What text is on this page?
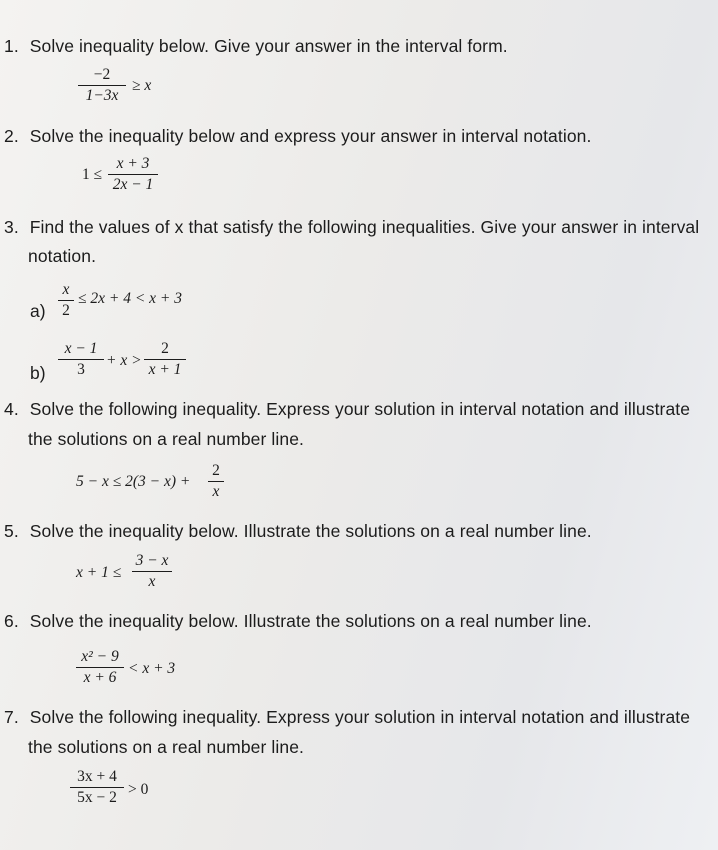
1. Solve inequality below. Give your answer in the interval form.
−2
1−3x
≥ x
2. Solve the inequality below and express your answer in interval notation.
1 ≤
x + 3
2x − 1
3. Find the values of x that satisfy the following inequalities. Give your answer in interval
notation.
a)
x
2
≤ 2x + 4 < x + 3
b)
x − 1
3
+ x >
2
x + 1
4. Solve the following inequality. Express your solution in interval notation and illustrate
the solutions on a real number line.
5 − x ≤ 2(3 − x) +
2
x
5. Solve the inequality below. Illustrate the solutions on a real number line.
x + 1 ≤
3 − x
x
6. Solve the inequality below. Illustrate the solutions on a real number line.
x² − 9
x + 6
< x + 3
7. Solve the following inequality. Express your solution in interval notation and illustrate
the solutions on a real number line.
3x + 4
5x − 2 > 0
